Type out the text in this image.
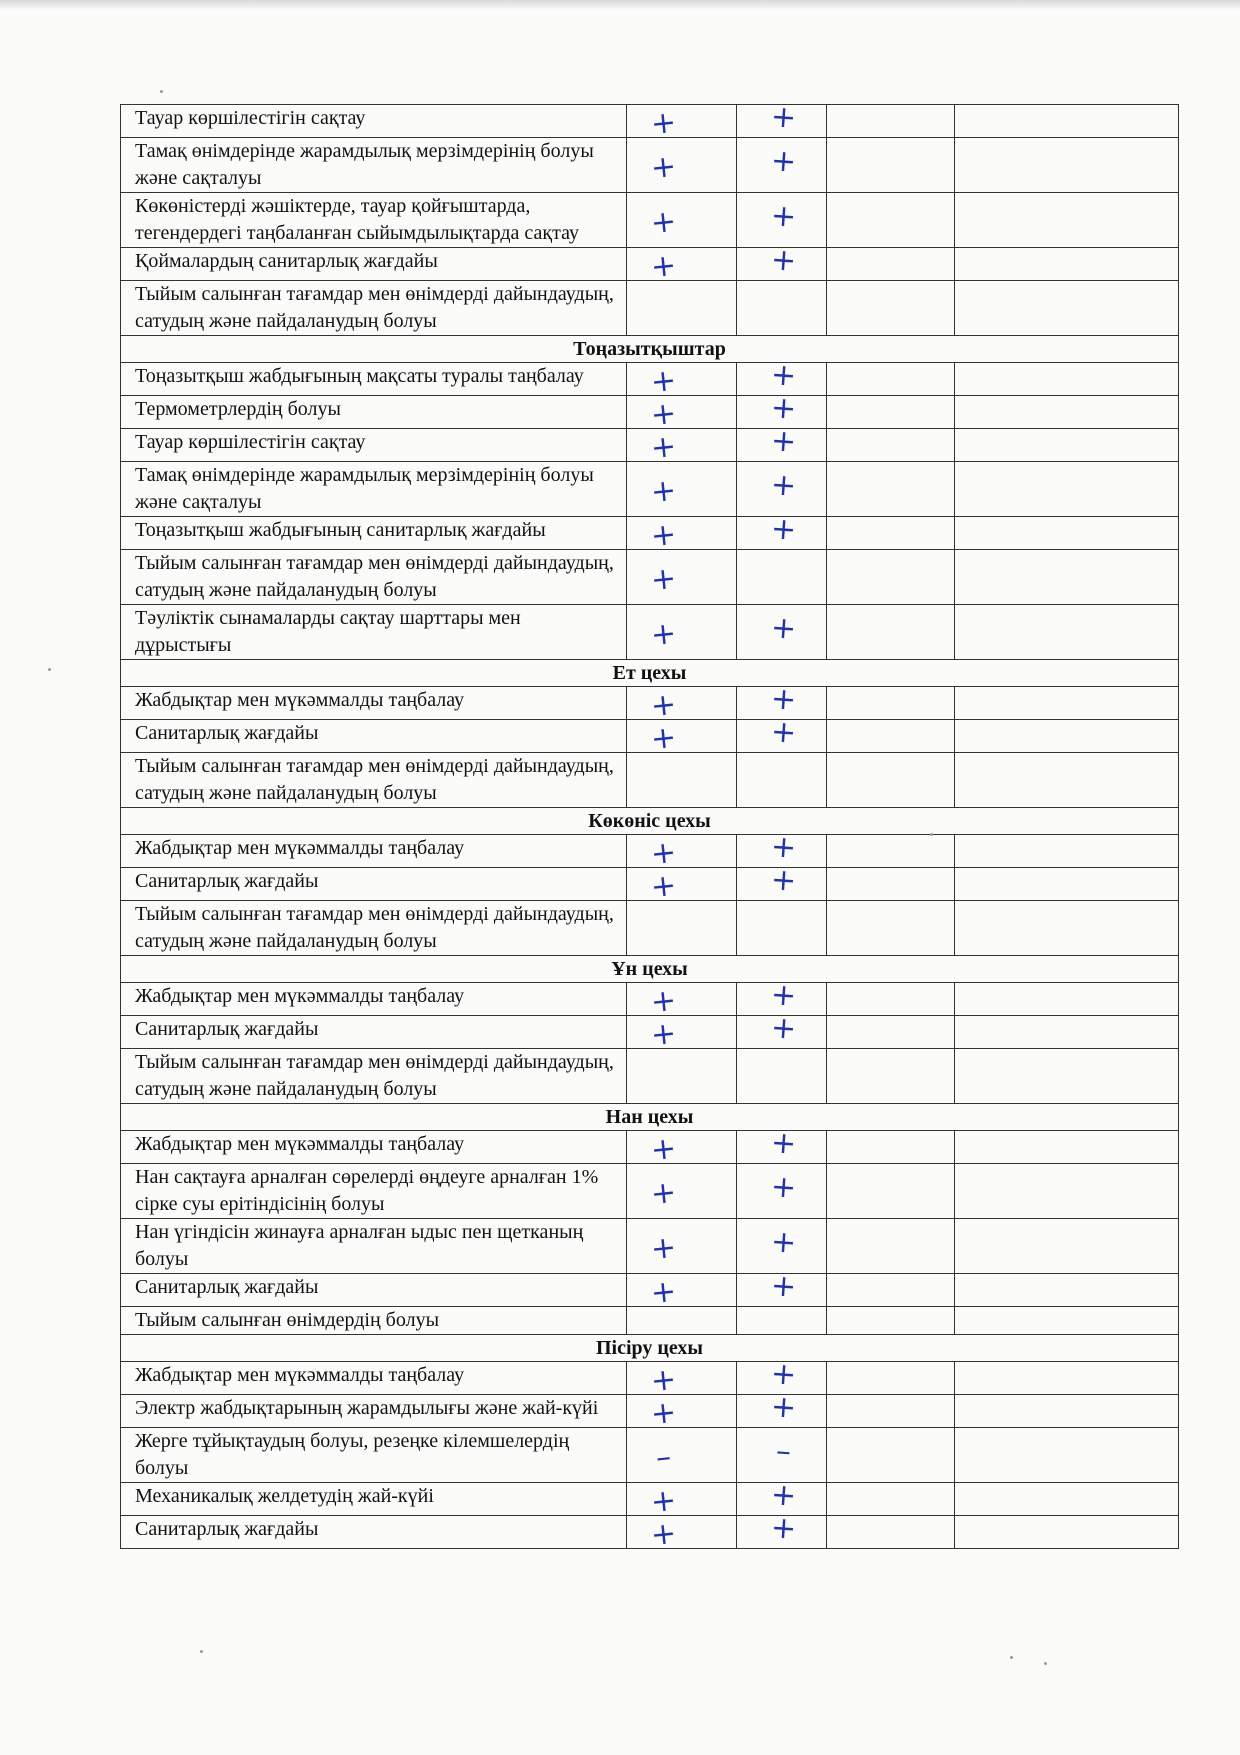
Тауар көршілестігін сақтау	+	+		
Тамақ өнімдерінде жарамдылық мерзімдерінің болуы және сақталуы	+	+		
Көкөністерді жәшіктерде, тауар қойғыштарда, тегендердегі таңбаланған сыйымдылықтарда сақтау	+	+		
Қоймалардың санитарлық жағдайы	+	+		
Тыйым салынған тағамдар мен өнімдерді дайындаудың, сатудың және пайдаланудың болуы				
Тоңазытқыштар				
Тоңазытқыш жабдығының мақсаты туралы таңбалау	+	+		
Термометрлердің болуы	+	+		
Тауар көршілестігін сақтау	+	+		
Тамақ өнімдерінде жарамдылық мерзімдерінің болуы және сақталуы	+	+		
Тоңазытқыш жабдығының санитарлық жағдайы	+	+		
Тыйым салынған тағамдар мен өнімдерді дайындаудың, сатудың және пайдаланудың болуы	+			
Тәуліктік сынамаларды сақтау шарттары мен дұрыстығы	+	+		
Ет цехы				
Жабдықтар мен мүкәммалды таңбалау	+	+		
Санитарлық жағдайы	+	+		
Тыйым салынған тағамдар мен өнімдерді дайындаудың, сатудың және пайдаланудың болуы				
Көкөніс цехы				
Жабдықтар мен мүкәммалды таңбалау	+	+		
Санитарлық жағдайы	+	+		
Тыйым салынған тағамдар мен өнімдерді дайындаудың, сатудың және пайдаланудың болуы				
Ұн цехы				
Жабдықтар мен мүкәммалды таңбалау	+	+		
Санитарлық жағдайы	+	+		
Тыйым салынған тағамдар мен өнімдерді дайындаудың, сатудың және пайдаланудың болуы				
Нан цехы				
Жабдықтар мен мүкәммалды таңбалау	+	+		
Нан сақтауға арналған сөрелерді өңдеуге арналған 1% сірке суы ерітіндісінің болуы	+	+		
Нан үгіндісін жинауға арналған ыдыс пен щетканың болуы	+	+		
Санитарлық жағдайы	+	+		
Тыйым салынған өнімдердің болуы				
Пісіру цехы				
Жабдықтар мен мүкәммалды таңбалау	+	+		
Электр жабдықтарының жарамдылығы және жай-күйі	+	+		
Жерге тұйықтаудың болуы, резеңке кілемшелердің болуы	–	–		
Механикалық желдетудің жай-күйі	+	+		
Санитарлық жағдайы	+	+		
